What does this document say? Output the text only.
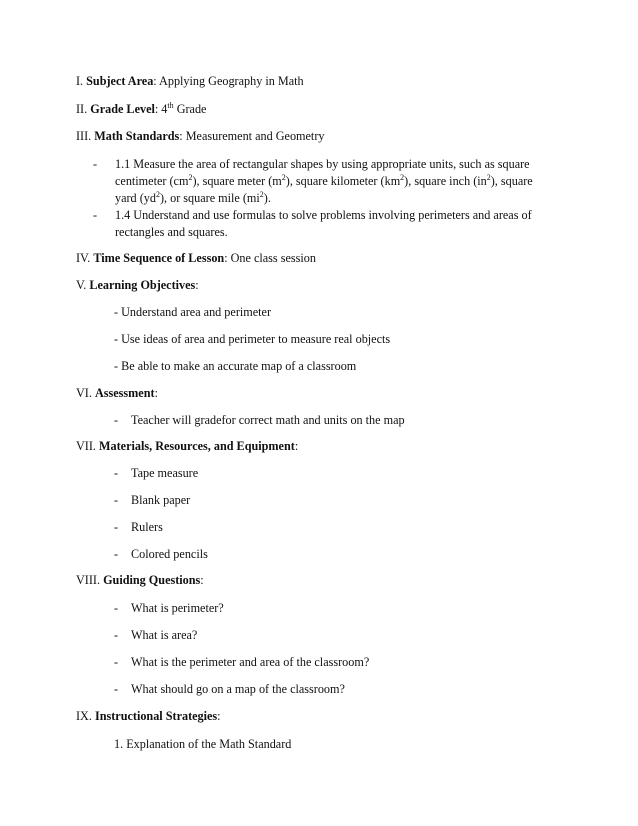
I. Subject Area: Applying Geography in Math
II. Grade Level: 4th Grade
III. Math Standards: Measurement and Geometry
- 1.1 Measure the area of rectangular shapes by using appropriate units, such as square
centimeter $(cm^2)$, square meter $(m^2)$, square kilometer $(km^2)$, square inch $(in^2)$, square
yard $(yd^2)$, or square mile $(mi^2)$.
- 1.4 Understand and use formulas to solve problems involving perimeters and areas of
rectangles and squares.
IV. Time Sequence of Lesson: One class session
V. Learning Objectives:
- Understand area and perimeter
- Use ideas of area and perimeter to measure real objects
- Be able to make an accurate map of a classroom
VI. Assessment:
- Teacher will gradefor correct math and units on the map
VII. Materials, Resources, and Equipment:
- Tape measure
- Blank paper
- Rulers
- Colored pencils
VIII. Guiding Questions:
- What is perimeter?
- What is area?
- What is the perimeter and area of the classroom?
- What should go on a map of the classroom?
IX. Instructional Strategies:
1. Explanation of the Math Standard
